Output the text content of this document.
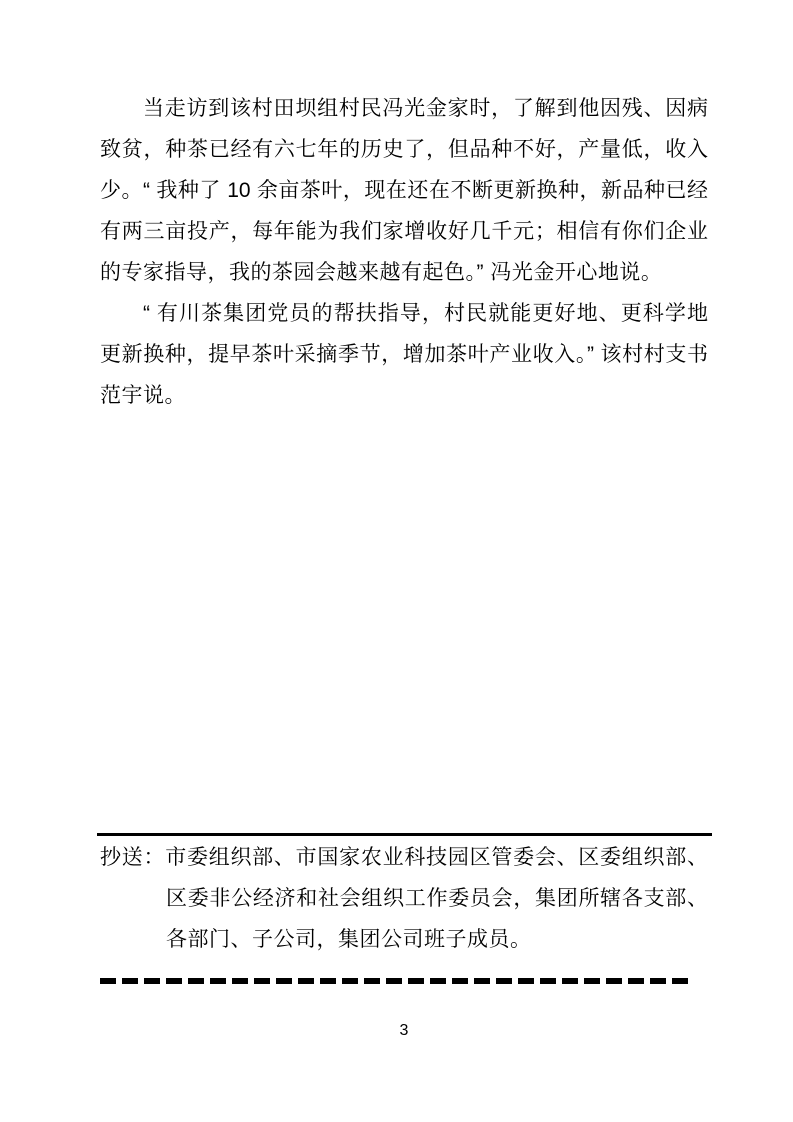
当走访到该村田坝组村民冯光金家时，了解到他因残、因病
致贫，种茶已经有六七年的历史了，但品种不好，产量低，收入
少。“ 我种了 10 余亩茶叶，现在还在不断更新换种，新品种已经
有两三亩投产，每年能为我们家增收好几千元；相信有你们企业
的专家指导，我的茶园会越来越有起色。” 冯光金开心地说。
“ 有川茶集团党员的帮扶指导，村民就能更好地、更科学地
更新换种，提早茶叶采摘季节，增加茶叶产业收入。” 该村村支书
范宇说。
抄送：市委组织部、市国家农业科技园区管委会、区委组织部、
区委非公经济和社会组织工作委员会，集团所辖各支部、
各部门、子公司，集团公司班子成员。
3
